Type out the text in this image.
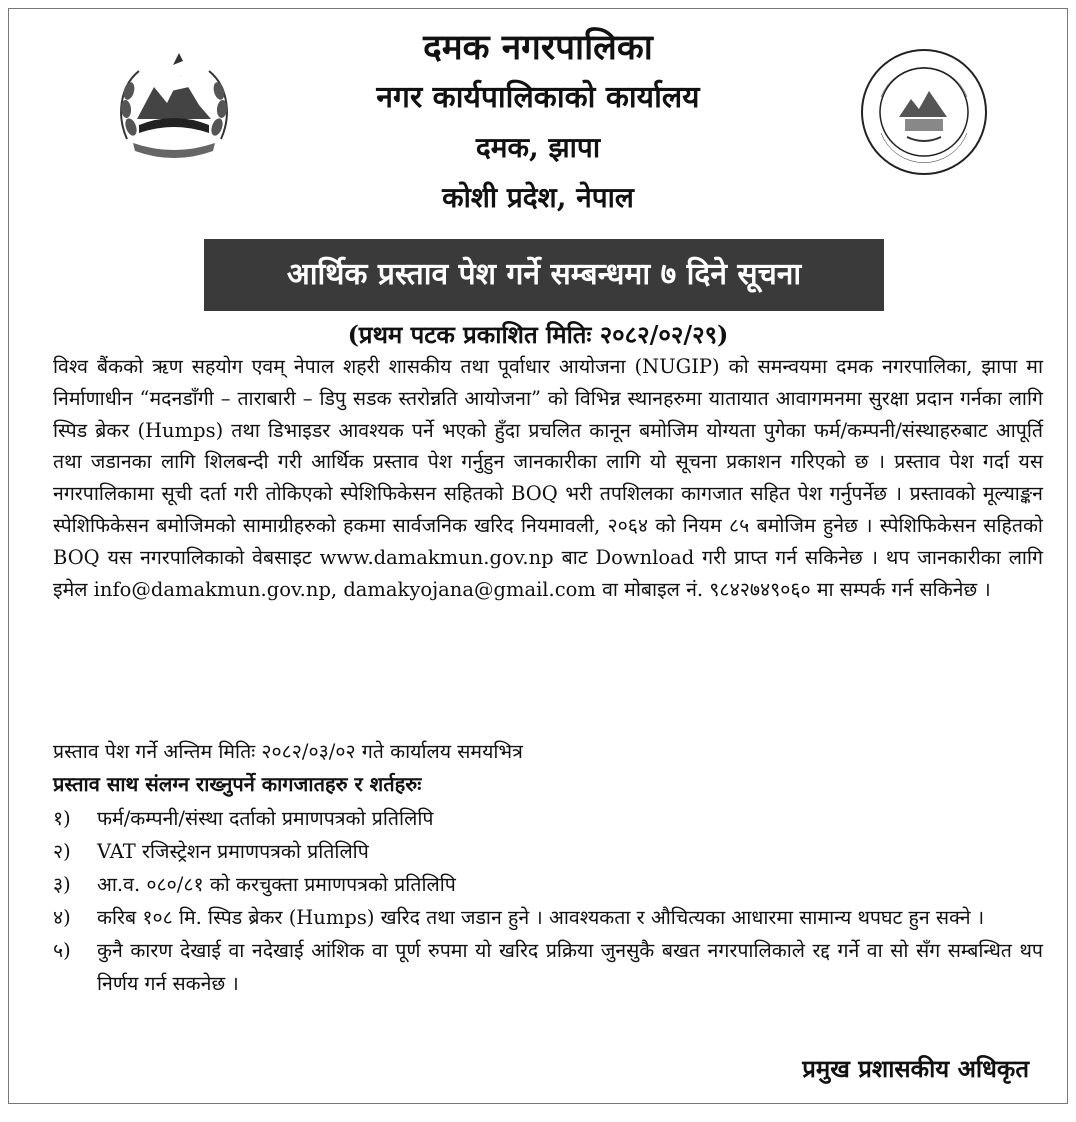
दमक नगरपालिका
नगर कार्यपालिकाको कार्यालय
दमक, झापा
कोशी प्रदेश, नेपाल
आर्थिक प्रस्ताव पेश गर्ने सम्बन्धमा ७ दिने सूचना
(प्रथम पटक प्रकाशित मितिः २०८२/०२/२९)

विश्व बैंकको ऋण सहयोग एवम् नेपाल शहरी शासकीय तथा पूर्वाधार आयोजना (NUGIP) को समन्वयमा दमक नगरपालिका, झापा मा निर्माणाधीन “मदनडाँगी – ताराबारी – डिपु सडक स्तरोन्नति आयोजना” को विभिन्न स्थानहरुमा यातायात आवागमनमा सुरक्षा प्रदान गर्नका लागि स्पिड ब्रेकर (Humps) तथा डिभाइडर आवश्यक पर्ने भएको हुँदा प्रचलित कानून बमोजिम योग्यता पुगेका फर्म/कम्पनी/संस्थाहरुबाट आपूर्ति तथा जडानका लागि शिलबन्दी गरी आर्थिक प्रस्ताव पेश गर्नुहुन जानकारीका लागि यो सूचना प्रकाशन गरिएको छ । प्रस्ताव पेश गर्दा यस नगरपालिकामा सूची दर्ता गरी तोकिएको स्पेशिफिकेसन सहितको BOQ भरी तपशिलका कागजात सहित पेश गर्नुपर्नेछ । प्रस्तावको मूल्याङ्कन स्पेशिफिकेसन बमोजिमको सामाग्रीहरुको हकमा सार्वजनिक खरिद नियमावली, २०६४ को नियम ८५ बमोजिम हुनेछ । स्पेशिफिकेसन सहितको BOQ यस नगरपालिकाको वेबसाइट www.damakmun.gov.np बाट Download गरी प्राप्त गर्न सकिनेछ । थप जानकारीका लागि इमेल info@damakmun.gov.np, damakyojana@gmail.com वा मोबाइल नं. ९८४२७४९०६० मा सम्पर्क गर्न सकिनेछ ।

प्रस्ताव पेश गर्ने अन्तिम मितिः २०८२/०३/०२ गते कार्यालय समयभित्र
प्रस्ताव साथ संलग्न राख्नुपर्ने कागजातहरु र शर्तहरुः
१)	फर्म/कम्पनी/संस्था दर्ताको प्रमाणपत्रको प्रतिलिपि
२)	VAT रजिस्ट्रेशन प्रमाणपत्रको प्रतिलिपि
३)	आ.व. ०८०/८१ को करचुक्ता प्रमाणपत्रको प्रतिलिपि
४)	करिब १०८ मि. स्पिड ब्रेकर (Humps) खरिद तथा जडान हुने । आवश्यकता र औचित्यका आधारमा सामान्य थपघट हुन सक्ने ।
५)	कुनै कारण देखाई वा नदेखाई आंशिक वा पूर्ण रुपमा यो खरिद प्रक्रिया जुनसुकै बखत नगरपालिकाले रद्द गर्ने वा सो सँग सम्बन्धित थप निर्णय गर्न सकनेछ ।
प्रमुख प्रशासकीय अधिकृत
